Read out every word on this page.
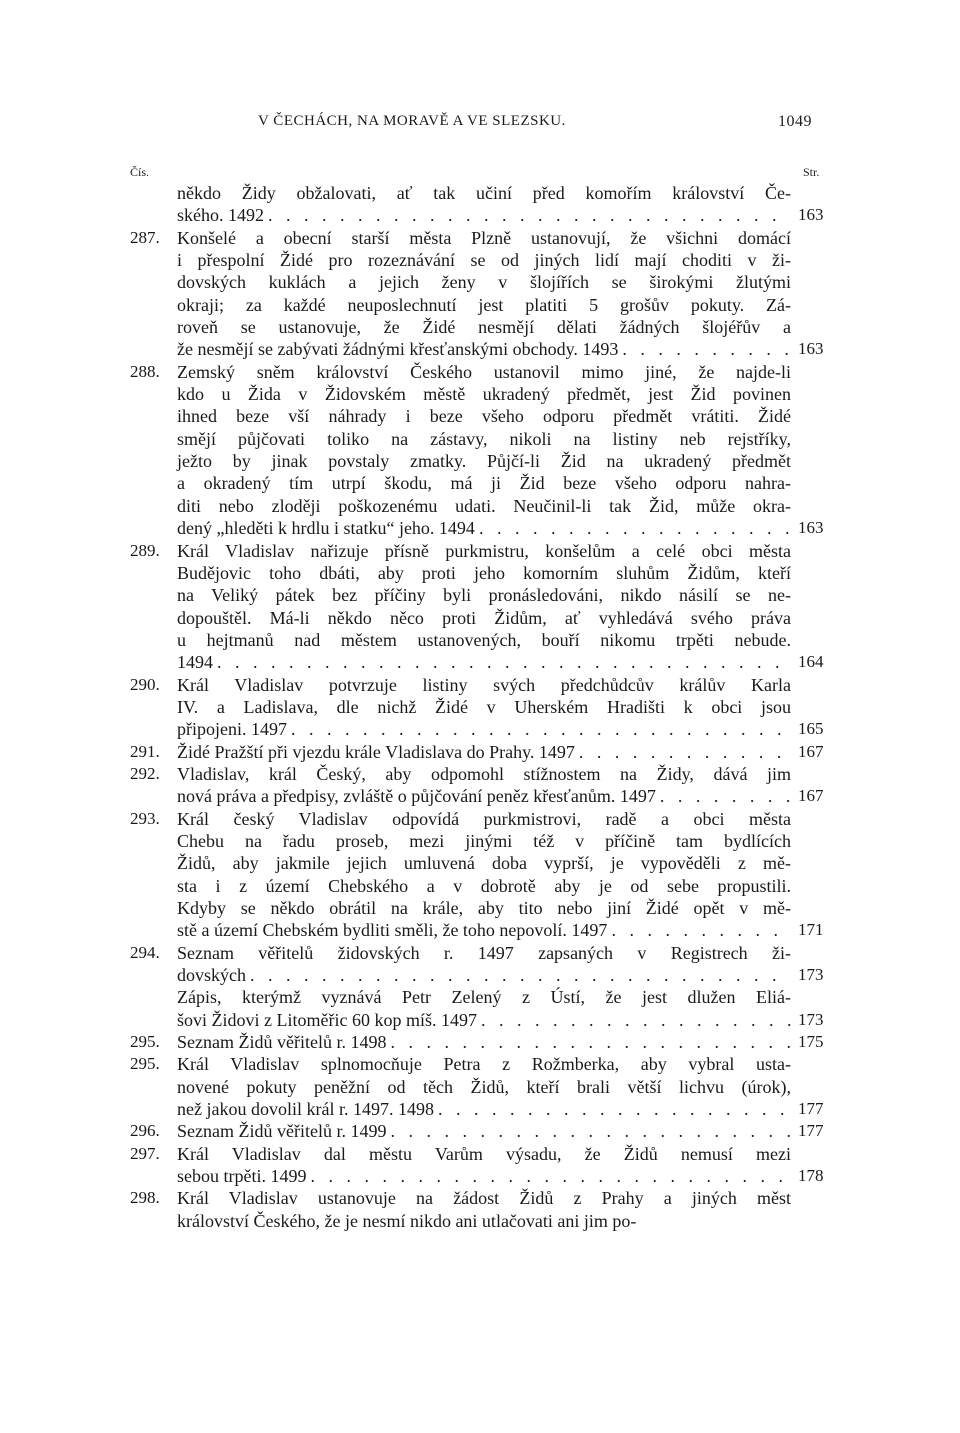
V ČECHÁCH, NA MORAVĚ A VE SLEZSKU.	1049
Čís.	Str.
někdo Židy obžalovati, ať tak učiní před komořím království Če-
ského. 1492 . . .	163
287. Konšelé a obecní starší města Plzně ustanovují, že všichni domácí
i přespolní Židé pro rozeznávání se od jiných lidí mají choditi v ži-
dovských kuklách a jejich ženy v šlojířích se širokými žlutými
okraji; za každé neuposlechnutí jest platiti 5 grošův pokuty. Zá-
roveň se ustanovuje, že Židé nesmějí dělati žádných šlojéřův a
že nesmějí se zabývati žádnými křesťanskými obchody. 1493 . . .	163
288. Zemský sněm království Českého ustanovil mimo jiné, že najde-li
kdo u Žida v Židovském městě ukradený předmět, jest Žid povinen
ihned beze vší náhrady i beze všeho odporu předmět vrátiti. Židé
smějí půjčovati toliko na zástavy, nikoli na listiny neb rejstříky,
ježto by jinak povstaly zmatky. Půjčí-li Žid na ukradený předmět
a okradený tím utrpí škodu, má ji Žid beze všeho odporu nahra-
diti nebo zloději poškozenému udati. Neučinil-li tak Žid, může okra-
dený „hleděti k hrdlu i statku“ jeho. 1494 . . .	163
289. Král Vladislav nařizuje přísně purkmistru, konšelům a celé obci města
Budějovic toho dbáti, aby proti jeho komorním sluhům Židům, kteří
na Veliký pátek bez příčiny byli pronásledováni, nikdo násilí se ne-
dopouštěl. Má-li někdo něco proti Židům, ať vyhledává svého práva
u hejtmanů nad městem ustanovených, bouří nikomu trpěti nebude.
1494 . . .	164
290. Král Vladislav potvrzuje listiny svých předchůdcův králův Karla
IV. a Ladislava, dle nichž Židé v Uherském Hradišti k obci jsou
připojeni. 1497 . . .	165
291. Židé Pražští při vjezdu krále Vladislava do Prahy. 1497 . . .	167
292. Vladislav, král Český, aby odpomohl stížnostem na Židy, dává jim
nová práva a předpisy, zvláště o půjčování peněz křesťanům. 1497 . . .	167
293. Král český Vladislav odpovídá purkmistrovi, radě a obci města
Chebu na řadu proseb, mezi jinými též v příčině tam bydlících
Židů, aby jakmile jejich umluvená doba vyprší, je vypověděli z mě-
sta i z území Chebského a v dobrotě aby je od sebe propustili.
Kdyby se někdo obrátil na krále, aby tito nebo jiní Židé opět v mě-
stě a území Chebském bydliti směli, že toho nepovolí. 1497 . . .	171
294. Seznam věřitelů židovských r. 1497 zapsaných v Registrech ži-
dovských . . .	173
Zápis, kterýmž vyznává Petr Zelený z Ústí, že jest dlužen Eliá-
šovi Židovi z Litoměřic 60 kop míš. 1497 . . .	173
295. Seznam Židů věřitelů r. 1498 . . .	175
295. Král Vladislav splnomocňuje Petra z Rožmberka, aby vybral usta-
novené pokuty peněžní od těch Židů, kteří brali větší lichvu (úrok),
než jakou dovolil král r. 1497. 1498 . . .	177
296. Seznam Židů věřitelů r. 1499 . . .	177
297. Král Vladislav dal městu Varům výsadu, že Židů nemusí mezi
sebou trpěti. 1499 . . .	178
298. Král Vladislav ustanovuje na žádost Židů z Prahy a jiných měst
království Českého, že je nesmí nikdo ani utlačovati ani jim po-
